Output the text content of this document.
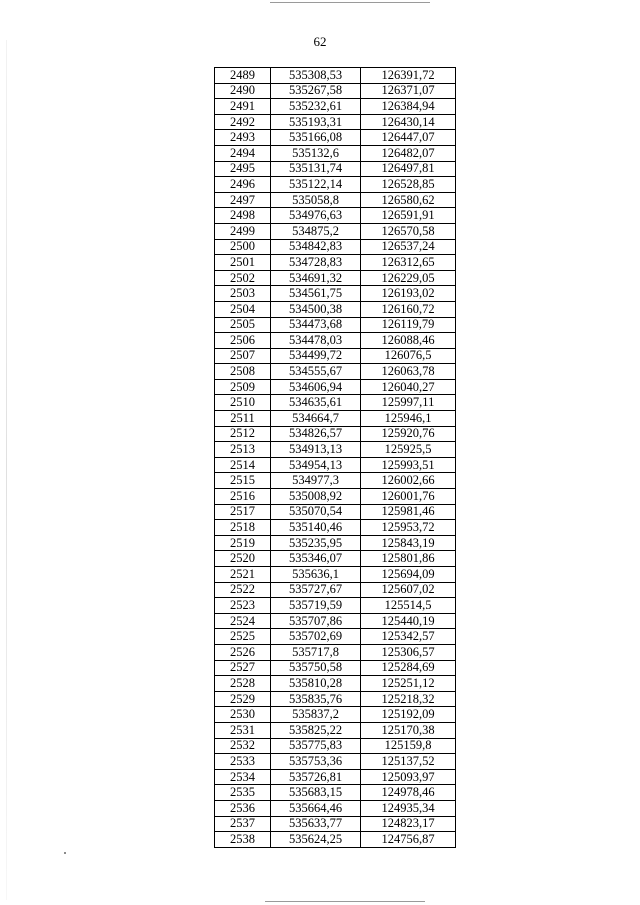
62
2489	535308,53	126391,72
2490	535267,58	126371,07
2491	535232,61	126384,94
2492	535193,31	126430,14
2493	535166,08	126447,07
2494	535132,6	126482,07
2495	535131,74	126497,81
2496	535122,14	126528,85
2497	535058,8	126580,62
2498	534976,63	126591,91
2499	534875,2	126570,58
2500	534842,83	126537,24
2501	534728,83	126312,65
2502	534691,32	126229,05
2503	534561,75	126193,02
2504	534500,38	126160,72
2505	534473,68	126119,79
2506	534478,03	126088,46
2507	534499,72	126076,5
2508	534555,67	126063,78
2509	534606,94	126040,27
2510	534635,61	125997,11
2511	534664,7	125946,1
2512	534826,57	125920,76
2513	534913,13	125925,5
2514	534954,13	125993,51
2515	534977,3	126002,66
2516	535008,92	126001,76
2517	535070,54	125981,46
2518	535140,46	125953,72
2519	535235,95	125843,19
2520	535346,07	125801,86
2521	535636,1	125694,09
2522	535727,67	125607,02
2523	535719,59	125514,5
2524	535707,86	125440,19
2525	535702,69	125342,57
2526	535717,8	125306,57
2527	535750,58	125284,69
2528	535810,28	125251,12
2529	535835,76	125218,32
2530	535837,2	125192,09
2531	535825,22	125170,38
2532	535775,83	125159,8
2533	535753,36	125137,52
2534	535726,81	125093,97
2535	535683,15	124978,46
2536	535664,46	124935,34
2537	535633,77	124823,17
2538	535624,25	124756,87
